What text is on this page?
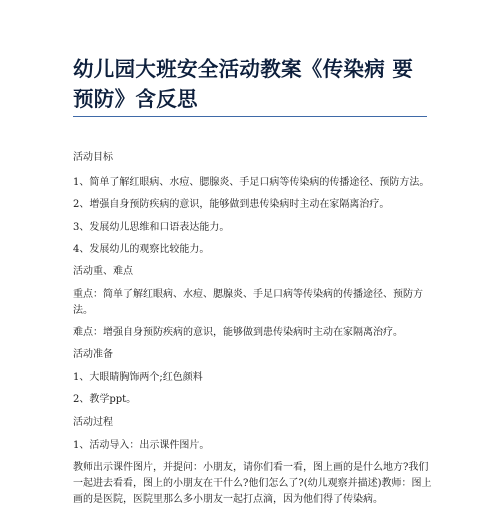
幼儿园大班安全活动教案《传染病 要
预防》含反思
活动目标
1、简单了解红眼病、水痘、腮腺炎、手足口病等传染病的传播途径、预防方法。
2、增强自身预防疾病的意识，能够做到患传染病时主动在家隔离治疗。
3、发展幼儿思维和口语表达能力。
4、发展幼儿的观察比较能力。
活动重、难点
重点：简单了解红眼病、水痘、腮腺炎、手足口病等传染病的传播途径、预防方
法。
难点：增强自身预防疾病的意识，能够做到患传染病时主动在家隔离治疗。
活动准备
1、大眼睛胸饰两个;红色颜料
2、教学ppt。
活动过程
1、活动导入：出示课件图片。
教师出示课件图片，并提问：小朋友，请你们看一看，图上画的是什么地方?我们
一起进去看看，图上的小朋友在干什么?他们怎么了?(幼儿观察并描述)教师：图上
画的是医院，医院里那么多小朋友一起打点滴，因为他们得了传染病。
